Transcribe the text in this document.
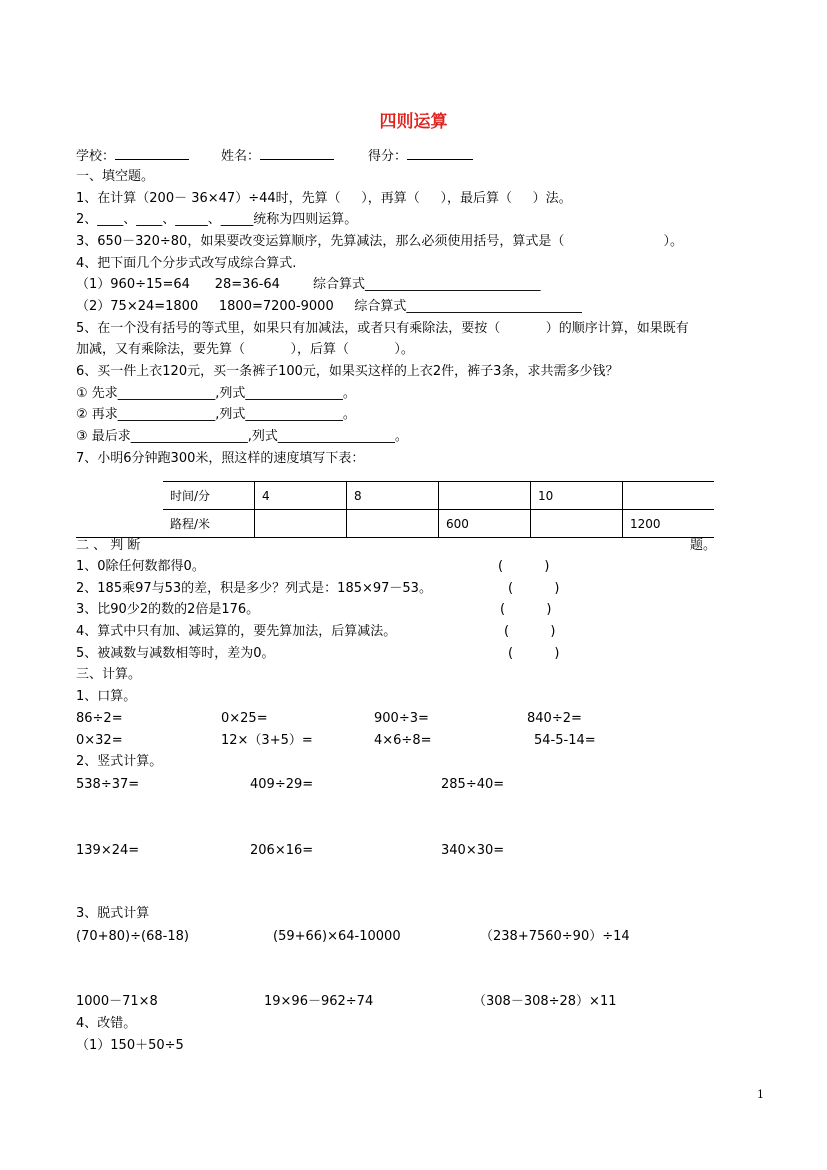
四则运算
学校：	姓名：	得分：
一、填空题。
1、在计算（200－ 36×47）÷44时，先算（     ），再算（     ），最后算（     ）法。
2、____、____、_____、_____统称为四则运算。
3、650－320÷80，如果要改变运算顺序，先算减法，那么必须使用括号，算式是（                        ）。
4、把下面几个分步式改写成综合算式.
（1）960÷15=64      28=36-64        综合算式___________________________
（2）75×24=1800     1800=7200-9000     综合算式___________________________
5、在一个没有括号的等式里，如果只有加减法，或者只有乘除法，要按（           ）的顺序计算，如果既有
加减，又有乘除法，要先算（           ），后算（           ）。
6、买一件上衣120元，买一条裤子100元，如果买这样的上衣2件，裤子3条，求共需多少钱？
① 先求_______________,列式_______________。
② 再求_______________,列式_______________。
③ 最后求__________________,列式__________________。
7、小明6分钟跑300米，照这样的速度填写下表：
时间/分	4	8		10	
路程/米			600		1200
二 、 判 断	题。
1、0除任何数都得0。	(          )
2、185乘97与53的差，积是多少？列式是：185×97－53。	(          )
3、比90少2的数的2倍是176。	(          )
4、算式中只有加、减运算的，要先算加法，后算减法。	(          )
5、被减数与减数相等时，差为0。	(          )
三、计算。
1、口算。
86÷2=	0×25=	900÷3=	840÷2=
0×32=	12×（3+5）=	4×6÷8=	54-5-14=
2、竖式计算。
538÷37=	409÷29=	285÷40=
139×24=	206×16=	340×30=
3、脱式计算
(70+80)÷(68-18)	(59+66)×64-10000	（238+7560÷90）÷14
1000－71×8	19×96－962÷74	（308－308÷28）×11
4、改错。
（1）150＋50÷5
1
